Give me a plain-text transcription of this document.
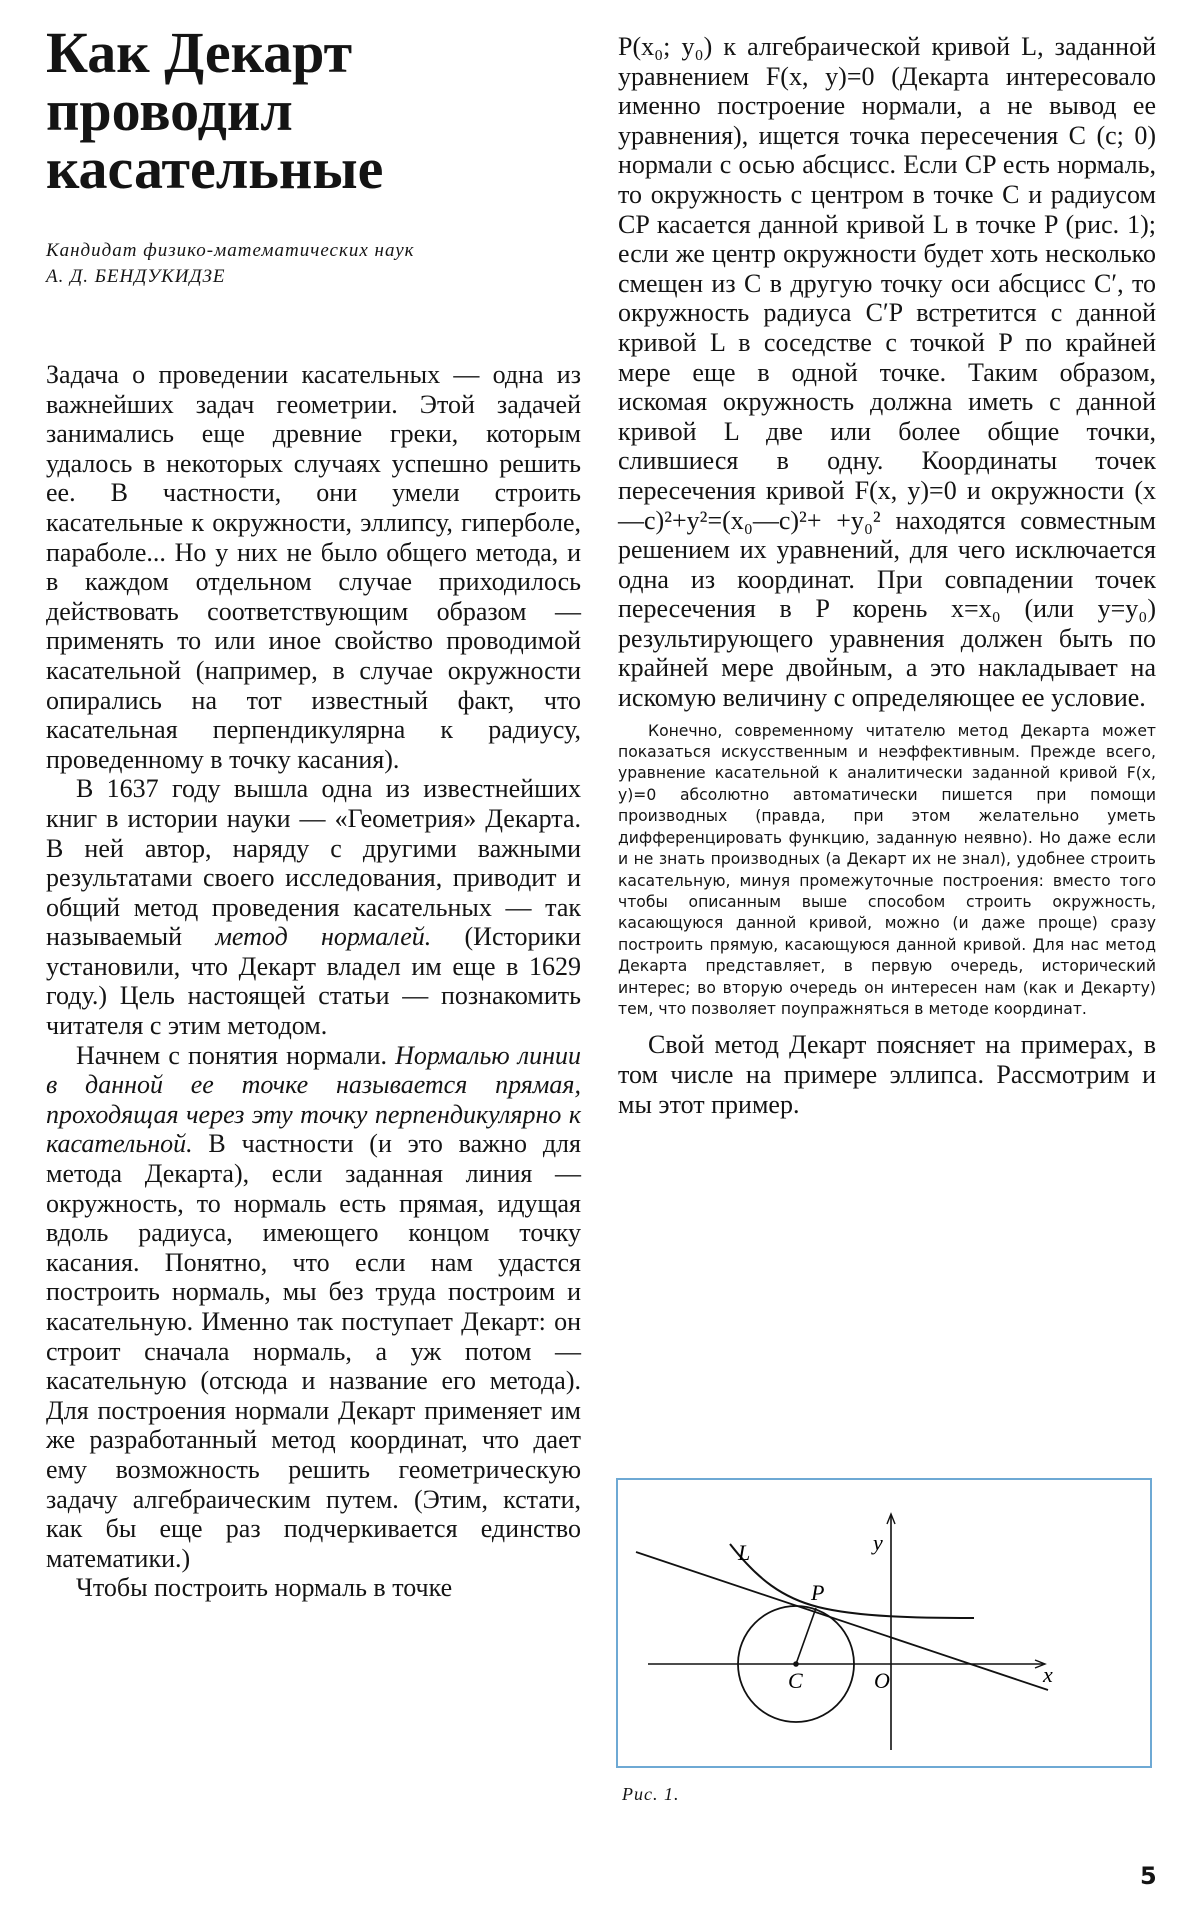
Как Декарт проводил касательные
Кандидат физико-математических наук
А. Д. БЕНДУКИДЗЕ

Задача о проведении касательных — одна из важнейших задач геометрии. Этой задачей занимались еще древние греки, которым удалось в некоторых случаях успешно решить ее. В частности, они умели строить касательные к окружности, эллипсу, гиперболе, параболе... Но у них не было общего метода, и в каждом отдельном случае приходилось действовать соответствующим образом — применять то или иное свойство проводимой касательной (например, в случае окружности опирались на тот известный факт, что касательная перпендикулярна к радиусу, проведенному в точку касания).

В 1637 году вышла одна из известнейших книг в истории науки — «Геометрия» Декарта. В ней автор, наряду с другими важными результатами своего исследования, приводит и общий метод проведения касательных — так называемый метод нормалей. (Историки установили, что Декарт владел им еще в 1629 году.) Цель настоящей статьи — познакомить читателя с этим методом.

Начнем с понятия нормали. Нормалью линии в данной ее точке называется прямая, проходящая через эту точку перпендикулярно к касательной. В частности (и это важно для метода Декарта), если заданная линия — окружность, то нормаль есть прямая, идущая вдоль радиуса, имеющего концом точку касания. Понятно, что если нам удастся построить нормаль, мы без труда построим и касательную. Именно так поступает Декарт: он строит сначала нормаль, а уж потом — касательную (отсюда и название его метода). Для построения нормали Декарт применяет им же разработанный метод координат, что дает ему возможность решить геометрическую задачу алгебраическим путем. (Этим, кстати, как бы еще раз подчеркивается единство математики.)

Чтобы построить нормаль в точке

P(x₀; y₀) к алгебраической кривой L, заданной уравнением F(x, y)=0 (Декарта интересовало именно построение нормали, а не вывод ее уравнения), ищется точка пересечения C (c; 0) нормали с осью абсцисс. Если CP есть нормаль, то окружность с центром в точке C и радиусом CP касается данной кривой L в точке P (рис. 1); если же центр окружности будет хоть несколько смещен из C в другую точку оси абсцисс C′, то окружность радиуса C′P встретится с данной кривой L в соседстве с точкой P по крайней мере еще в одной точке. Таким образом, искомая окружность должна иметь с данной кривой L две или более общие точки, слившиеся в одну. Координаты точек пересечения кривой F(x, y)=0 и окружности (x—c)²+y²=(x₀—c)²+ +y₀² находятся совместным решением их уравнений, для чего исключается одна из координат. При совпадении точек пересечения в P корень x=x₀ (или y=y₀) результирующего уравнения должен быть по крайней мере двойным, а это накладывает на искомую величину c определяющее ее условие.

Конечно, современному читателю метод Декарта может показаться искусственным и неэффективным. Прежде всего, уравнение касательной к аналитически заданной кривой F(x, y)=0 абсолютно автоматически пишется при помощи производных (правда, при этом желательно уметь дифференцировать функцию, заданную неявно). Но даже если и не знать производных (а Декарт их не знал), удобнее строить касательную, минуя промежуточные построения: вместо того чтобы описанным выше способом строить окружность, касающуюся данной кривой, можно (и даже проще) сразу построить прямую, касающуюся данной кривой. Для нас метод Декарта представляет, в первую очередь, исторический интерес; во вторую очередь он интересен нам (как и Декарту) тем, что позволяет поупражняться в методе координат.

Свой метод Декарт поясняет на примерах, в том числе на примере эллипса. Рассмотрим и мы этот пример.

L	y
x
P
C	O
Рис. 1.
5
